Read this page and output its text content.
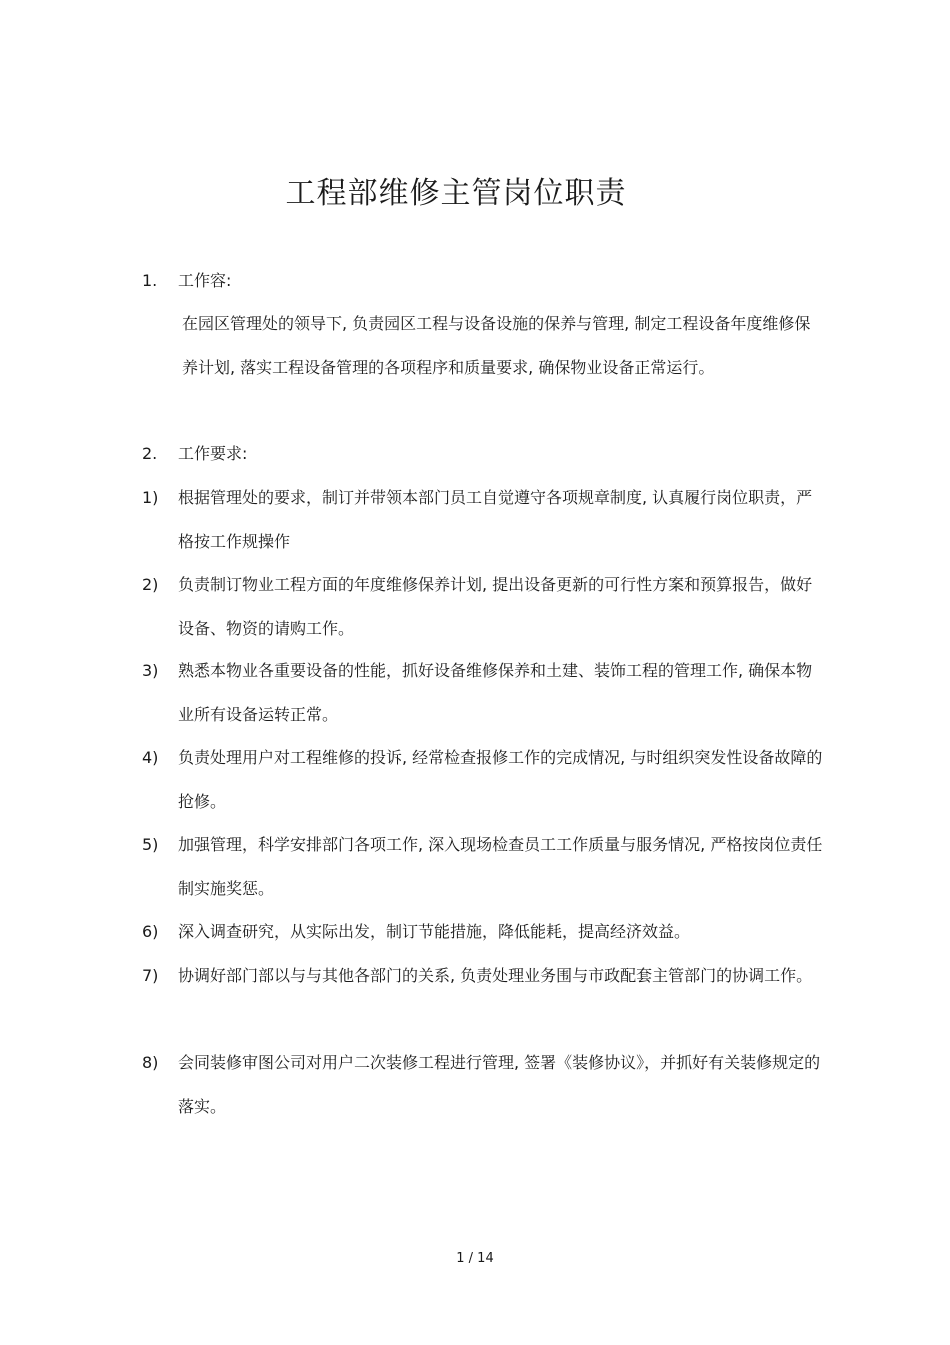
工程部维修主管岗位职责
1. 工作容:

在园区管理处的领导下, 负责园区工程与设备设施的保养与管理, 制定工程设备年度维修保养计划, 落实工程设备管理的各项程序和质量要求, 确保物业设备正常运行。

2. 工作要求:
1) 根据管理处的要求，制订并带领本部门员工自觉遵守各项规章制度, 认真履行岗位职责，严格按工作规操作

2) 负责制订物业工程方面的年度维修保养计划, 提出设备更新的可行性方案和预算报告，做好设备、物资的请购工作。

3) 熟悉本物业各重要设备的性能，抓好设备维修保养和土建、装饰工程的管理工作, 确保本物业所有设备运转正常。

4) 负责处理用户对工程维修的投诉, 经常检查报修工作的完成情况, 与时组织突发性设备故障的抢修。

5) 加强管理，科学安排部门各项工作, 深入现场检查员工工作质量与服务情况, 严格按岗位责任制实施奖惩。

6) 深入调查研究，从实际出发，制订节能措施，降低能耗，提高经济效益。

7) 协调好部门部以与与其他各部门的关系, 负责处理业务围与市政配套主管部门的协调工作。

8) 会同装修审图公司对用户二次装修工程进行管理, 签署《装修协议》，并抓好有关装修规定的落实。

1 / 14
